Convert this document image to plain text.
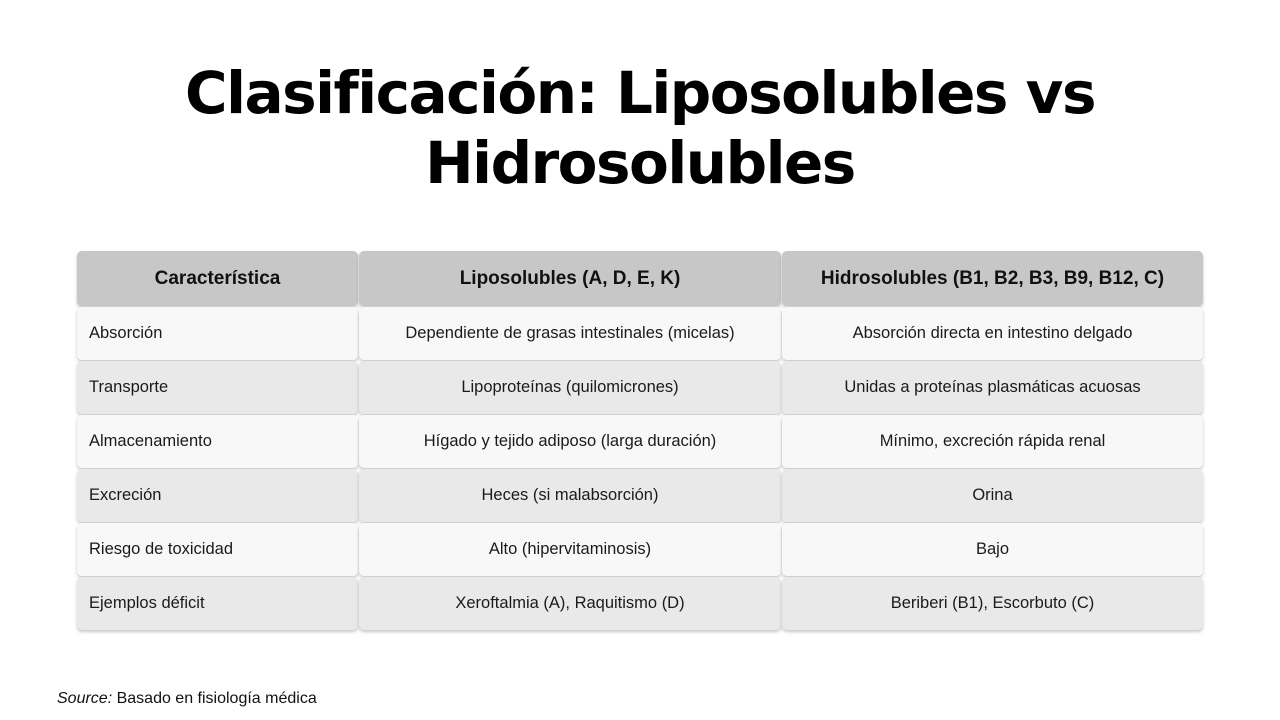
Clasificación: Liposolubles vs Hidrosolubles
Característica	Liposolubles (A, D, E, K)	Hidrosolubles (B1, B2, B3, B9, B12, C)
Absorción	Dependiente de grasas intestinales (micelas)	Absorción directa en intestino delgado
Transporte	Lipoproteínas (quilomicrones)	Unidas a proteínas plasmáticas acuosas
Almacenamiento	Hígado y tejido adiposo (larga duración)	Mínimo, excreción rápida renal
Excreción	Heces (si malabsorción)	Orina
Riesgo de toxicidad	Alto (hipervitaminosis)	Bajo
Ejemplos déficit	Xeroftalmia (A), Raquitismo (D)	Beriberi (B1), Escorbuto (C)
Source: Basado en fisiología médica
